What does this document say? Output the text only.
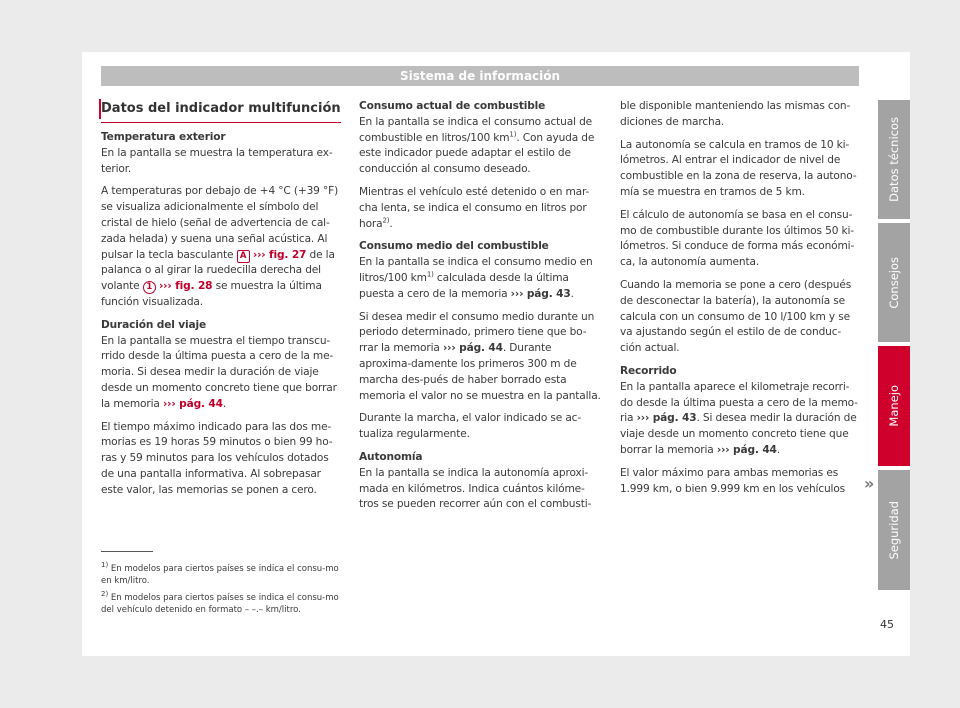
Sistema de información
Datos del indicador multifunción
Temperatura exterior

En la pantalla se muestra la temperatura ex-terior.

A temperaturas por debajo de +4 °C (+39 °F) se visualiza adicionalmente el símbolo del cristal de hielo (señal de advertencia de cal-zada helada) y suena una señal acústica. Al pulsar la tecla basculante A ››› fig. 27 de la palanca o al girar la ruedecilla derecha del volante 1 ››› fig. 28 se muestra la última función visualizada.

Duración del viaje

En la pantalla se muestra el tiempo transcu-rrido desde la última puesta a cero de la me-moria. Si desea medir la duración de viaje desde un momento concreto tiene que borrar la memoria ››› pág. 44.

El tiempo máximo indicado para las dos me-morias es 19 horas 59 minutos o bien 99 ho-ras y 59 minutos para los vehículos dotados de una pantalla informativa. Al sobrepasar este valor, las memorias se ponen a cero.

Consumo actual de combustible

En la pantalla se indica el consumo actual de combustible en litros/100 $km^{1)}$. Con ayuda de este indicador puede adaptar el estilo de conducción al consumo deseado.

Mientras el vehículo esté detenido o en mar-cha lenta, se indica el consumo en litros por hora$^{2)}$.

Consumo medio del combustible

En la pantalla se indica el consumo medio en litros/100 $km^{1)}$ calculada desde la última puesta a cero de la memoria ››› pág. 43.

Si desea medir el consumo medio durante un periodo determinado, primero tiene que bo-rrar la memoria ››› pág. 44. Durante aproxima-damente los primeros 300 m de marcha des-pués de haber borrado esta memoria el valor no se muestra en la pantalla.

Durante la marcha, el valor indicado se ac-tualiza regularmente.

Autonomía

En la pantalla se indica la autonomía aproxi-mada en kilómetros. Indica cuántos kilóme-tros se pueden recorrer aún con el combusti-

ble disponible manteniendo las mismas con-diciones de marcha.

La autonomía se calcula en tramos de 10 ki-lómetros. Al entrar el indicador de nivel de combustible en la zona de reserva, la autono-mía se muestra en tramos de 5 km.

El cálculo de autonomía se basa en el consu-mo de combustible durante los últimos 50 ki-lómetros. Si conduce de forma más económi-ca, la autonomía aumenta.

Cuando la memoria se pone a cero (después de desconectar la batería), la autonomía se calcula con un consumo de 10 l/100 km y se va ajustando según el estilo de de conduc-ción actual.

Recorrido

En la pantalla aparece el kilometraje recorri-do desde la última puesta a cero de la memo-ria ››› pág. 43. Si desea medir la duración de viaje desde un momento concreto tiene que borrar la memoria ››› pág. 44.

El valor máximo para ambas memorias es 1.999 km, o bien 9.999 km en los vehículos	»

$^{1)}$ En modelos para ciertos países se indica el consu-mo en km/litro.

$^{2)}$ En modelos para ciertos países se indica el consu-mo del vehículo detenido en formato – –.– km/litro.

Datos técnicos
Consejos
Manejo
Seguridad
45
